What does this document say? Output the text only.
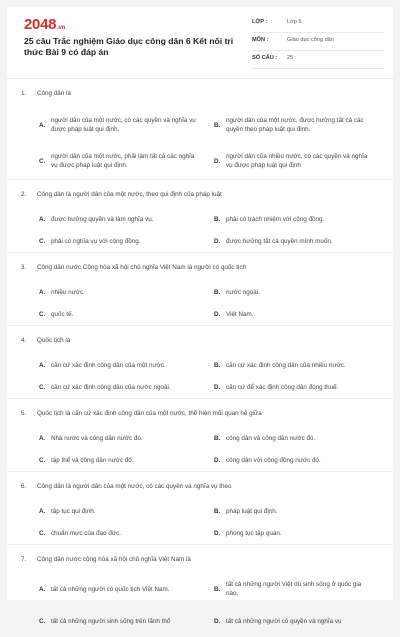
2048.vn
25 câu Trắc nghiệm Giáo dục công dân 6 Kết nối tri thức Bài 9 có đáp án
LỚP :	Lớp 6
MÔN :	Giáo dục công dân
SỐ CÂU : 25
1.	Công dân là
A.
người dân của một nước, có các quyền và nghĩa vụ được pháp luật qui định.
B.
người dân của một nước, được hưởng tất cả các quyền theo pháp luật qui định.
C.
người dân của một nước, phải làm tất cả các nghĩa vụ được pháp luật qui định.
D.
người dân của nhiều nước, có các quyền và nghĩa vụ được pháp luật qui định
2.	Công dân là người dân của một nước, theo qui định của pháp luật
A. được hưởng quyền và làm nghĩa vụ.	B. phải có trách nhiệm với cộng đồng.
C. phải có nghĩa vụ với cộng đồng.	D. được hưởng tất cả quyền mình muốn.
3.	Công dân nước Cộng hòa xã hội chủ nghĩa Việt Nam là người có quốc tịch
A. nhiều nước.	B. nước ngoài.
C. quốc tế.	D. Việt Nam.
4.	Quốc tịch là
A. căn cứ xác định công dân của một nước.	B. căn cứ xác định công dân của nhiều nước.
C. căn cứ xác định công dân của nước ngoài.	D. căn cứ để xác định công dân đóng thuế.
5.	Quốc tịch là căn cứ xác định công dân của một nước, thể hiện mối quan hệ giữa
A. Nhà nước và công dân nước đó.	B. công dân và công dân nước đó.
C. tập thể và công dân nước đó.	D. công dân với cộng đồng nước đó.
6.	Công dân là người dân của một nước, có các quyền và nghĩa vụ theo
A. tập tục qui định.	B. pháp luật qui định.
C. chuẩn mực của đạo đức.	D. phong tục tập quán.
7.	Công dân nước cộng hòa xã hội chủ nghĩa Việt Nam là
A. tất cả những người có quốc tịch Việt Nam.	B.
tất cả những người Việt dù sinh sống ở quốc gia nào.
C. tất cả những người sinh sống trên lãnh thổ	D. tất cả những người có quyền và nghĩa vụ
